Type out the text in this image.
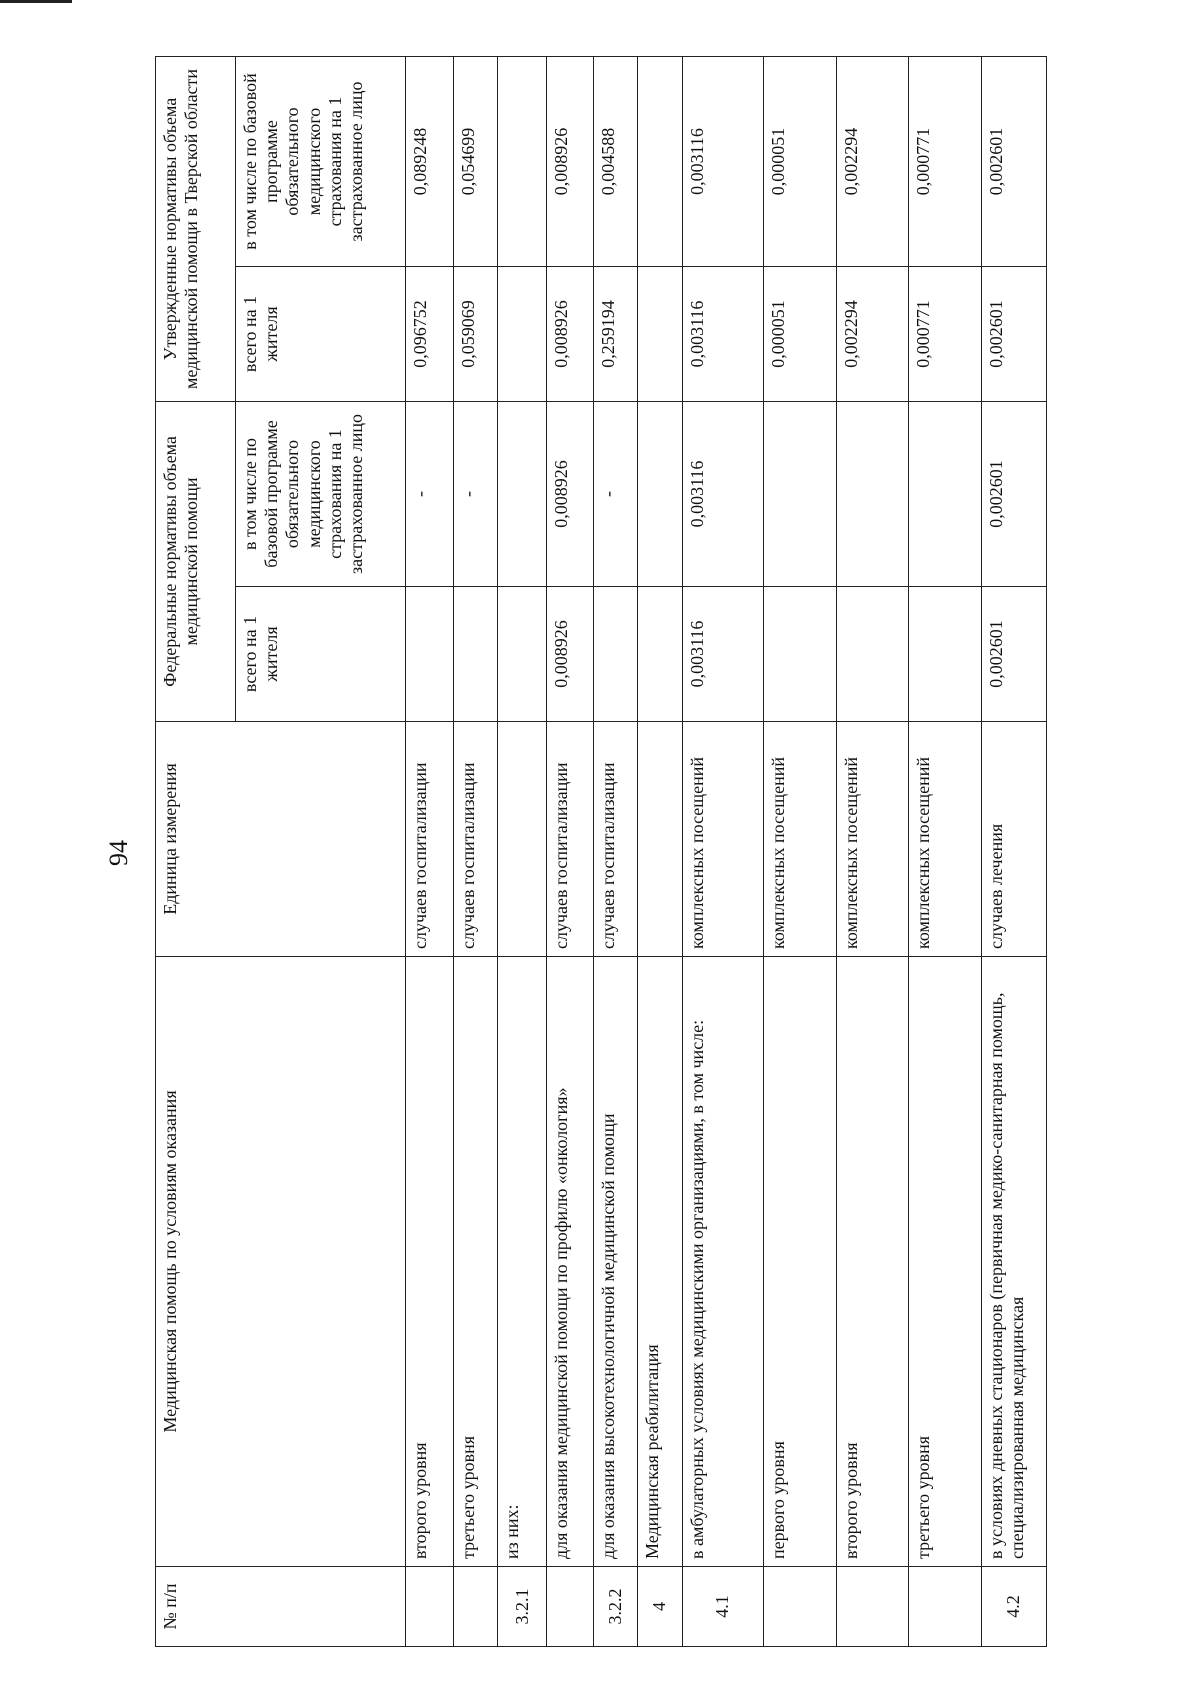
94
№ п/п	Медицинская помощь по условиям оказания	Единица измерения	Федеральные нормативы объема медицинской помощи		Утвержденные нормативы объема медицинской помощи в Тверской области	
			всего на 1 жителя	в том числе по базовой программе обязательного медицинского страхования на 1 застрахованное лицо	всего на 1 жителя	в том числе по базовой программе обязательного медицинского страхования на 1 застрахованное лицо
	второго уровня	случаев госпитализации		-	0,096752	0,089248
	третьего уровня	случаев госпитализации		-	0,059069	0,054699
3.2.1	из них:					
	для оказания медицинской помощи по профилю «онкология»	случаев госпитализации	0,008926	0,008926	0,008926	0,008926
3.2.2	для оказания высокотехнологичной медицинской помощи	случаев госпитализации		-	0,259194	0,004588
4	Медицинская реабилитация					
4.1	в амбулаторных условиях медицинскими организациями, в том числе:	комплексных посещений	0,003116	0,003116	0,003116	0,003116
	первого уровня	комплексных посещений			0,000051	0,000051
	второго уровня	комплексных посещений			0,002294	0,002294
	третьего уровня	комплексных посещений			0,000771	0,000771
4.2	в условиях дневных стационаров (первичная медико-санитарная помощь, специализированная медицинская	случаев лечения	0,002601	0,002601	0,002601	0,002601
